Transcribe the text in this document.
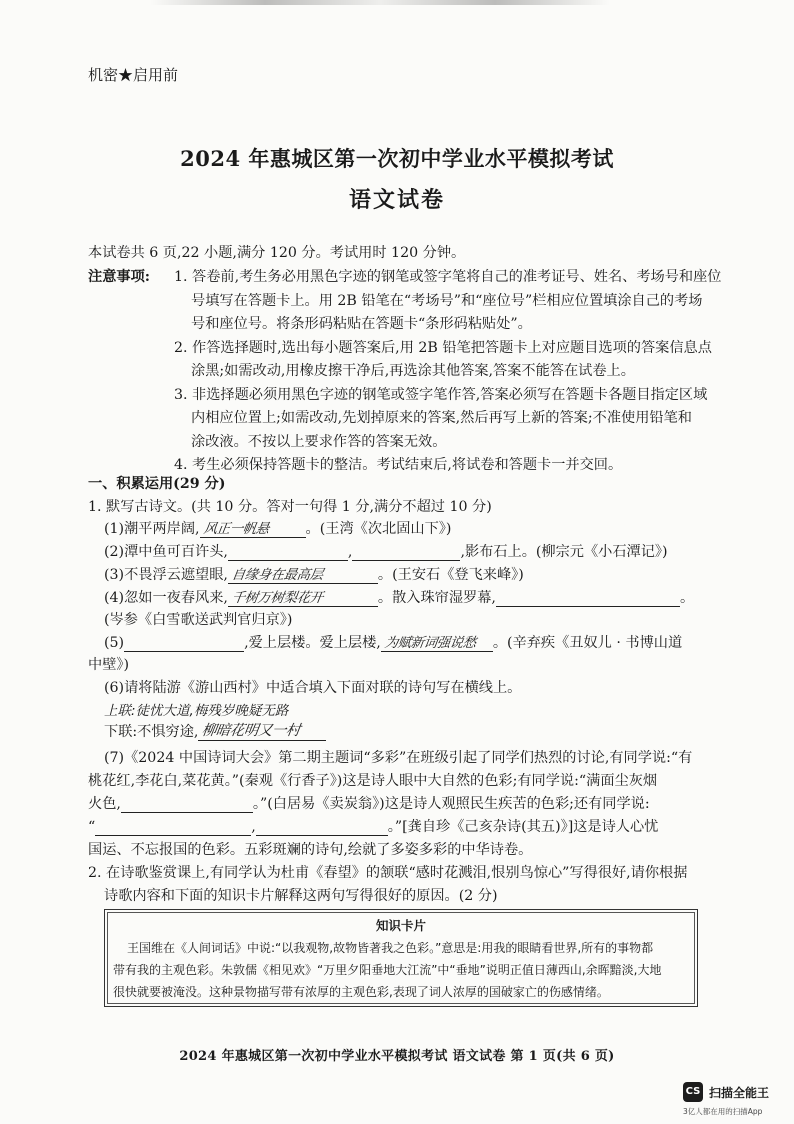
机密★启用前
2024 年惠城区第一次初中学业水平模拟考试
语文试卷
本试卷共 6 页,22 小题,满分 120 分。考试用时 120 分钟。
注意事项: 1. 答卷前,考生务必用黑色字迹的钢笔或签字笔将自己的准考证号、姓名、考场号和座位
号填写在答题卡上。用 2B 铅笔在“考场号”和“座位号”栏相应位置填涂自己的考场
号和座位号。将条形码粘贴在答题卡“条形码粘贴处”。
2. 作答选择题时,选出每小题答案后,用 2B 铅笔把答题卡上对应题目选项的答案信息点
涂黑;如需改动,用橡皮擦干净后,再选涂其他答案,答案不能答在试卷上。
3. 非选择题必须用黑色字迹的钢笔或签字笔作答,答案必须写在答题卡各题目指定区域
内相应位置上;如需改动,先划掉原来的答案,然后再写上新的答案;不准使用铅笔和
涂改液。不按以上要求作答的答案无效。
4. 考生必须保持答题卡的整洁。考试结束后,将试卷和答题卡一并交回。
一、积累运用(29 分)
1. 默写古诗文。(共 10 分。答对一句得 1 分,满分不超过 10 分)
(1)潮平两岸阔, 风正一帆悬	。(王湾《次北固山下》)
(2)潭中鱼可百许头,	,	,影布石上。(柳宗元《小石潭记》)
(3)不畏浮云遮望眼, 自缘身在最高层	。(王安石《登飞来峰》)
(4)忽如一夜春风来, 千树万树梨花开	。散入珠帘湿罗幕,	。
(岑参《白雪歌送武判官归京》)
(5)	,爱上层楼。爱上层楼, 为赋新词强说愁 。(辛弃疾《丑奴儿 · 书博山道
中壁》)
(6)请将陆游《游山西村》中适合填入下面对联的诗句写在横线上。
上联:徒忧大道,梅残岁晚疑无路
下联:不惧穷途, 柳暗花明又一村
(7)《2024 中国诗词大会》第二期主题词“多彩”在班级引起了同学们热烈的讨论,有同学说:“有
桃花红,李花白,菜花黄。”(秦观《行香子》)这是诗人眼中大自然的色彩;有同学说:“满面尘灰烟
火色,	。”(白居易《卖炭翁》)这是诗人观照民生疾苦的色彩;还有同学说:
“	,	。”[龚自珍《己亥杂诗(其五)》]这是诗人心忧
国运、不忘报国的色彩。五彩斑斓的诗句,绘就了多姿多彩的中华诗卷。
2. 在诗歌鉴赏课上,有同学认为杜甫《春望》的颔联“感时花溅泪,恨别鸟惊心”写得很好,请你根据
诗歌内容和下面的知识卡片解释这两句写得很好的原因。(2 分)
知识卡片
王国维在《人间词话》中说:“以我观物,故物皆著我之色彩。”意思是:用我的眼睛看世界,所有的事物都
带有我的主观色彩。朱敦儒《相见欢》“万里夕阳垂地大江流”中“垂地”说明正值日薄西山,余晖黯淡,大地
很快就要被淹没。这种景物描写带有浓厚的主观色彩,表现了词人浓厚的国破家亡的伤感情绪。
2024 年惠城区第一次初中学业水平模拟考试 语文试卷 第 1 页(共 6 页)
CS 扫描全能王
3亿人都在用的扫描App
